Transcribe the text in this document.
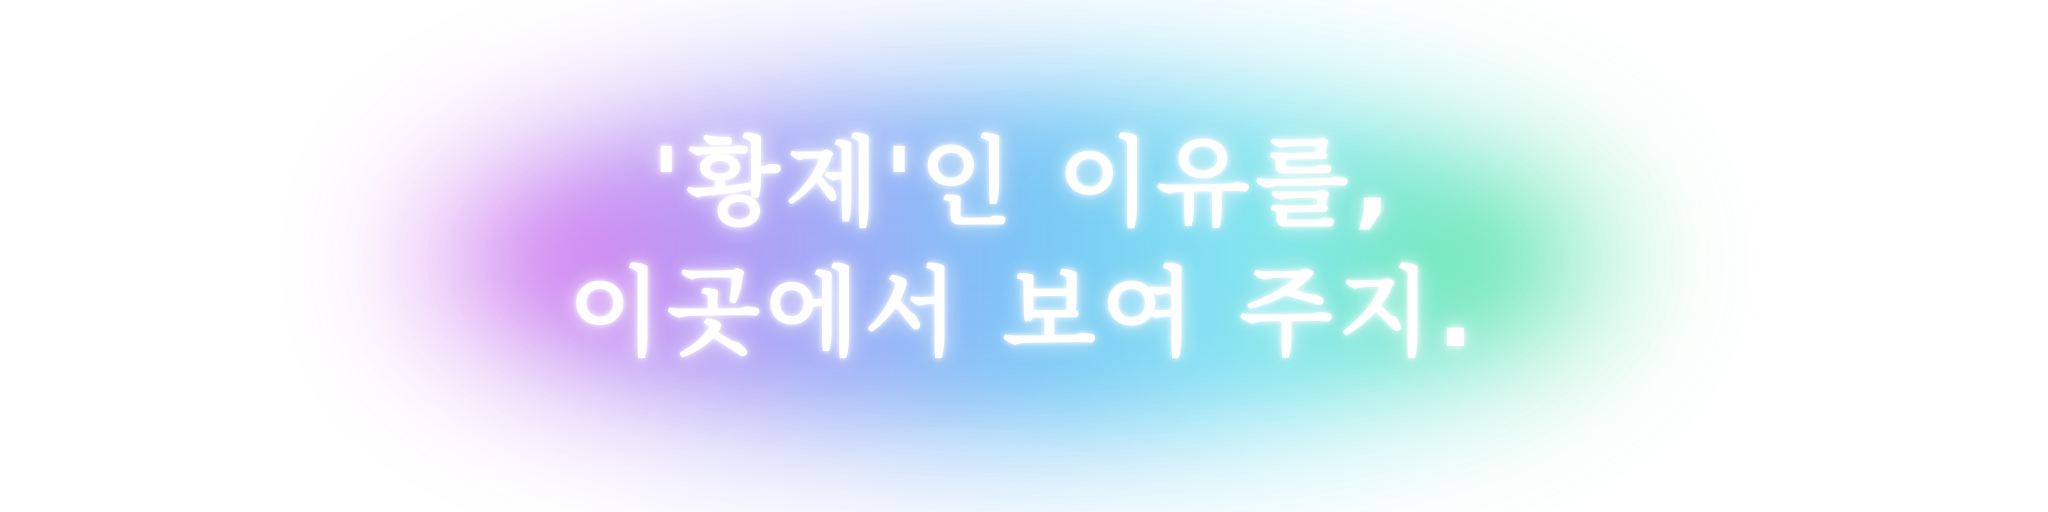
'황제'인 이유를,
이곳에서 보여 주지.
